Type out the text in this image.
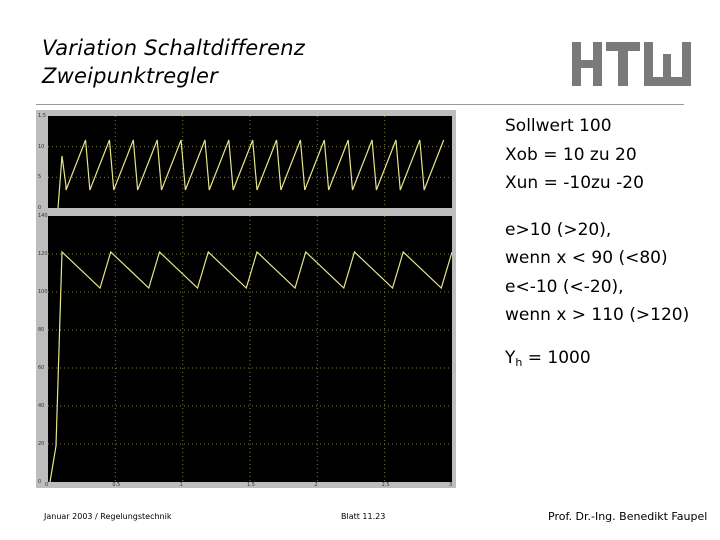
Variation Schaltdifferenz
Zweipunktregler
1.5
10
5
0
140
120
100
80
60
40
20
0 0	0.5	1	1.5	2	2.5	3
Sollwert 100
Xob = 10 zu 20
Xun = -10zu -20
e>10 (>20),
wenn x < 90 (<80)
e<-10 (<-20),
wenn x > 110 (>120)
$Y_h = 1000$
Januar 2003 / Regelungstechnik	Blatt 11.23	Prof. Dr.-Ing. Benedikt Faupel
